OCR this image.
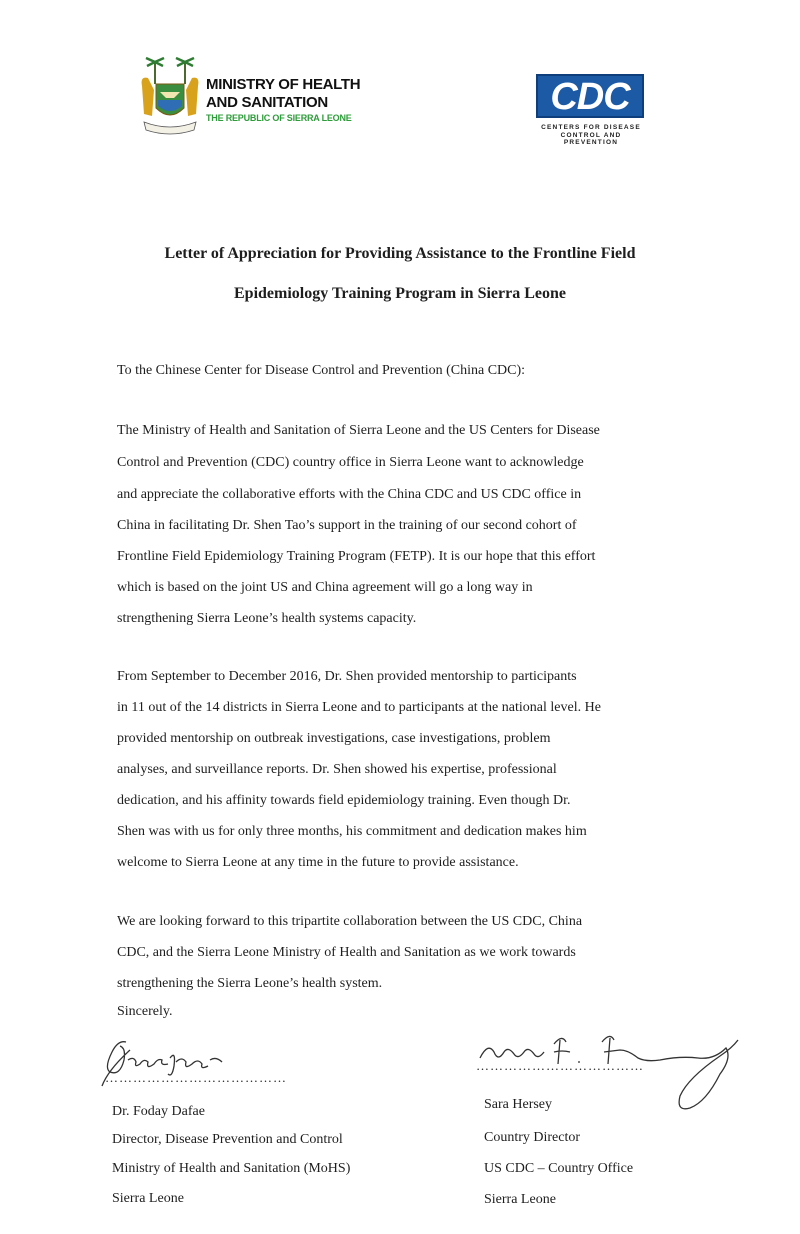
MINISTRY OF HEALTH
AND SANITATION
THE REPUBLIC OF SIERRA LEONE	CDC
CENTERS FOR DISEASE
CONTROL AND PREVENTION
Letter of Appreciation for Providing Assistance to the Frontline Field
Epidemiology Training Program in Sierra Leone
To the Chinese Center for Disease Control and Prevention (China CDC):
The Ministry of Health and Sanitation of Sierra Leone and the US Centers for Disease
Control and Prevention (CDC) country office in Sierra Leone want to acknowledge
and appreciate the collaborative efforts with the China CDC and US CDC office in
China in facilitating Dr. Shen Tao’s support in the training of our second cohort of
Frontline Field Epidemiology Training Program (FETP). It is our hope that this effort
which is based on the joint US and China agreement will go a long way in
strengthening Sierra Leone’s health systems capacity.
From September to December 2016, Dr. Shen provided mentorship to participants
in 11 out of the 14 districts in Sierra Leone and to participants at the national level. He
provided mentorship on outbreak investigations, case investigations, problem
analyses, and surveillance reports. Dr. Shen showed his expertise, professional
dedication, and his affinity towards field epidemiology training. Even though Dr.
Shen was with us for only three months, his commitment and dedication makes him
welcome to Sierra Leone at any time in the future to provide assistance.
We are looking forward to this tripartite collaboration between the US CDC, China
CDC, and the Sierra Leone Ministry of Health and Sanitation as we work towards
strengthening the Sierra Leone’s health system.
Sincerely.
…………………………………
Dr. Foday Dafae
Director, Disease Prevention and Control
Ministry of Health and Sanitation (MoHS)
Sierra Leone
………………………………
Sara Hersey
Country Director
US CDC – Country Office
Sierra Leone
